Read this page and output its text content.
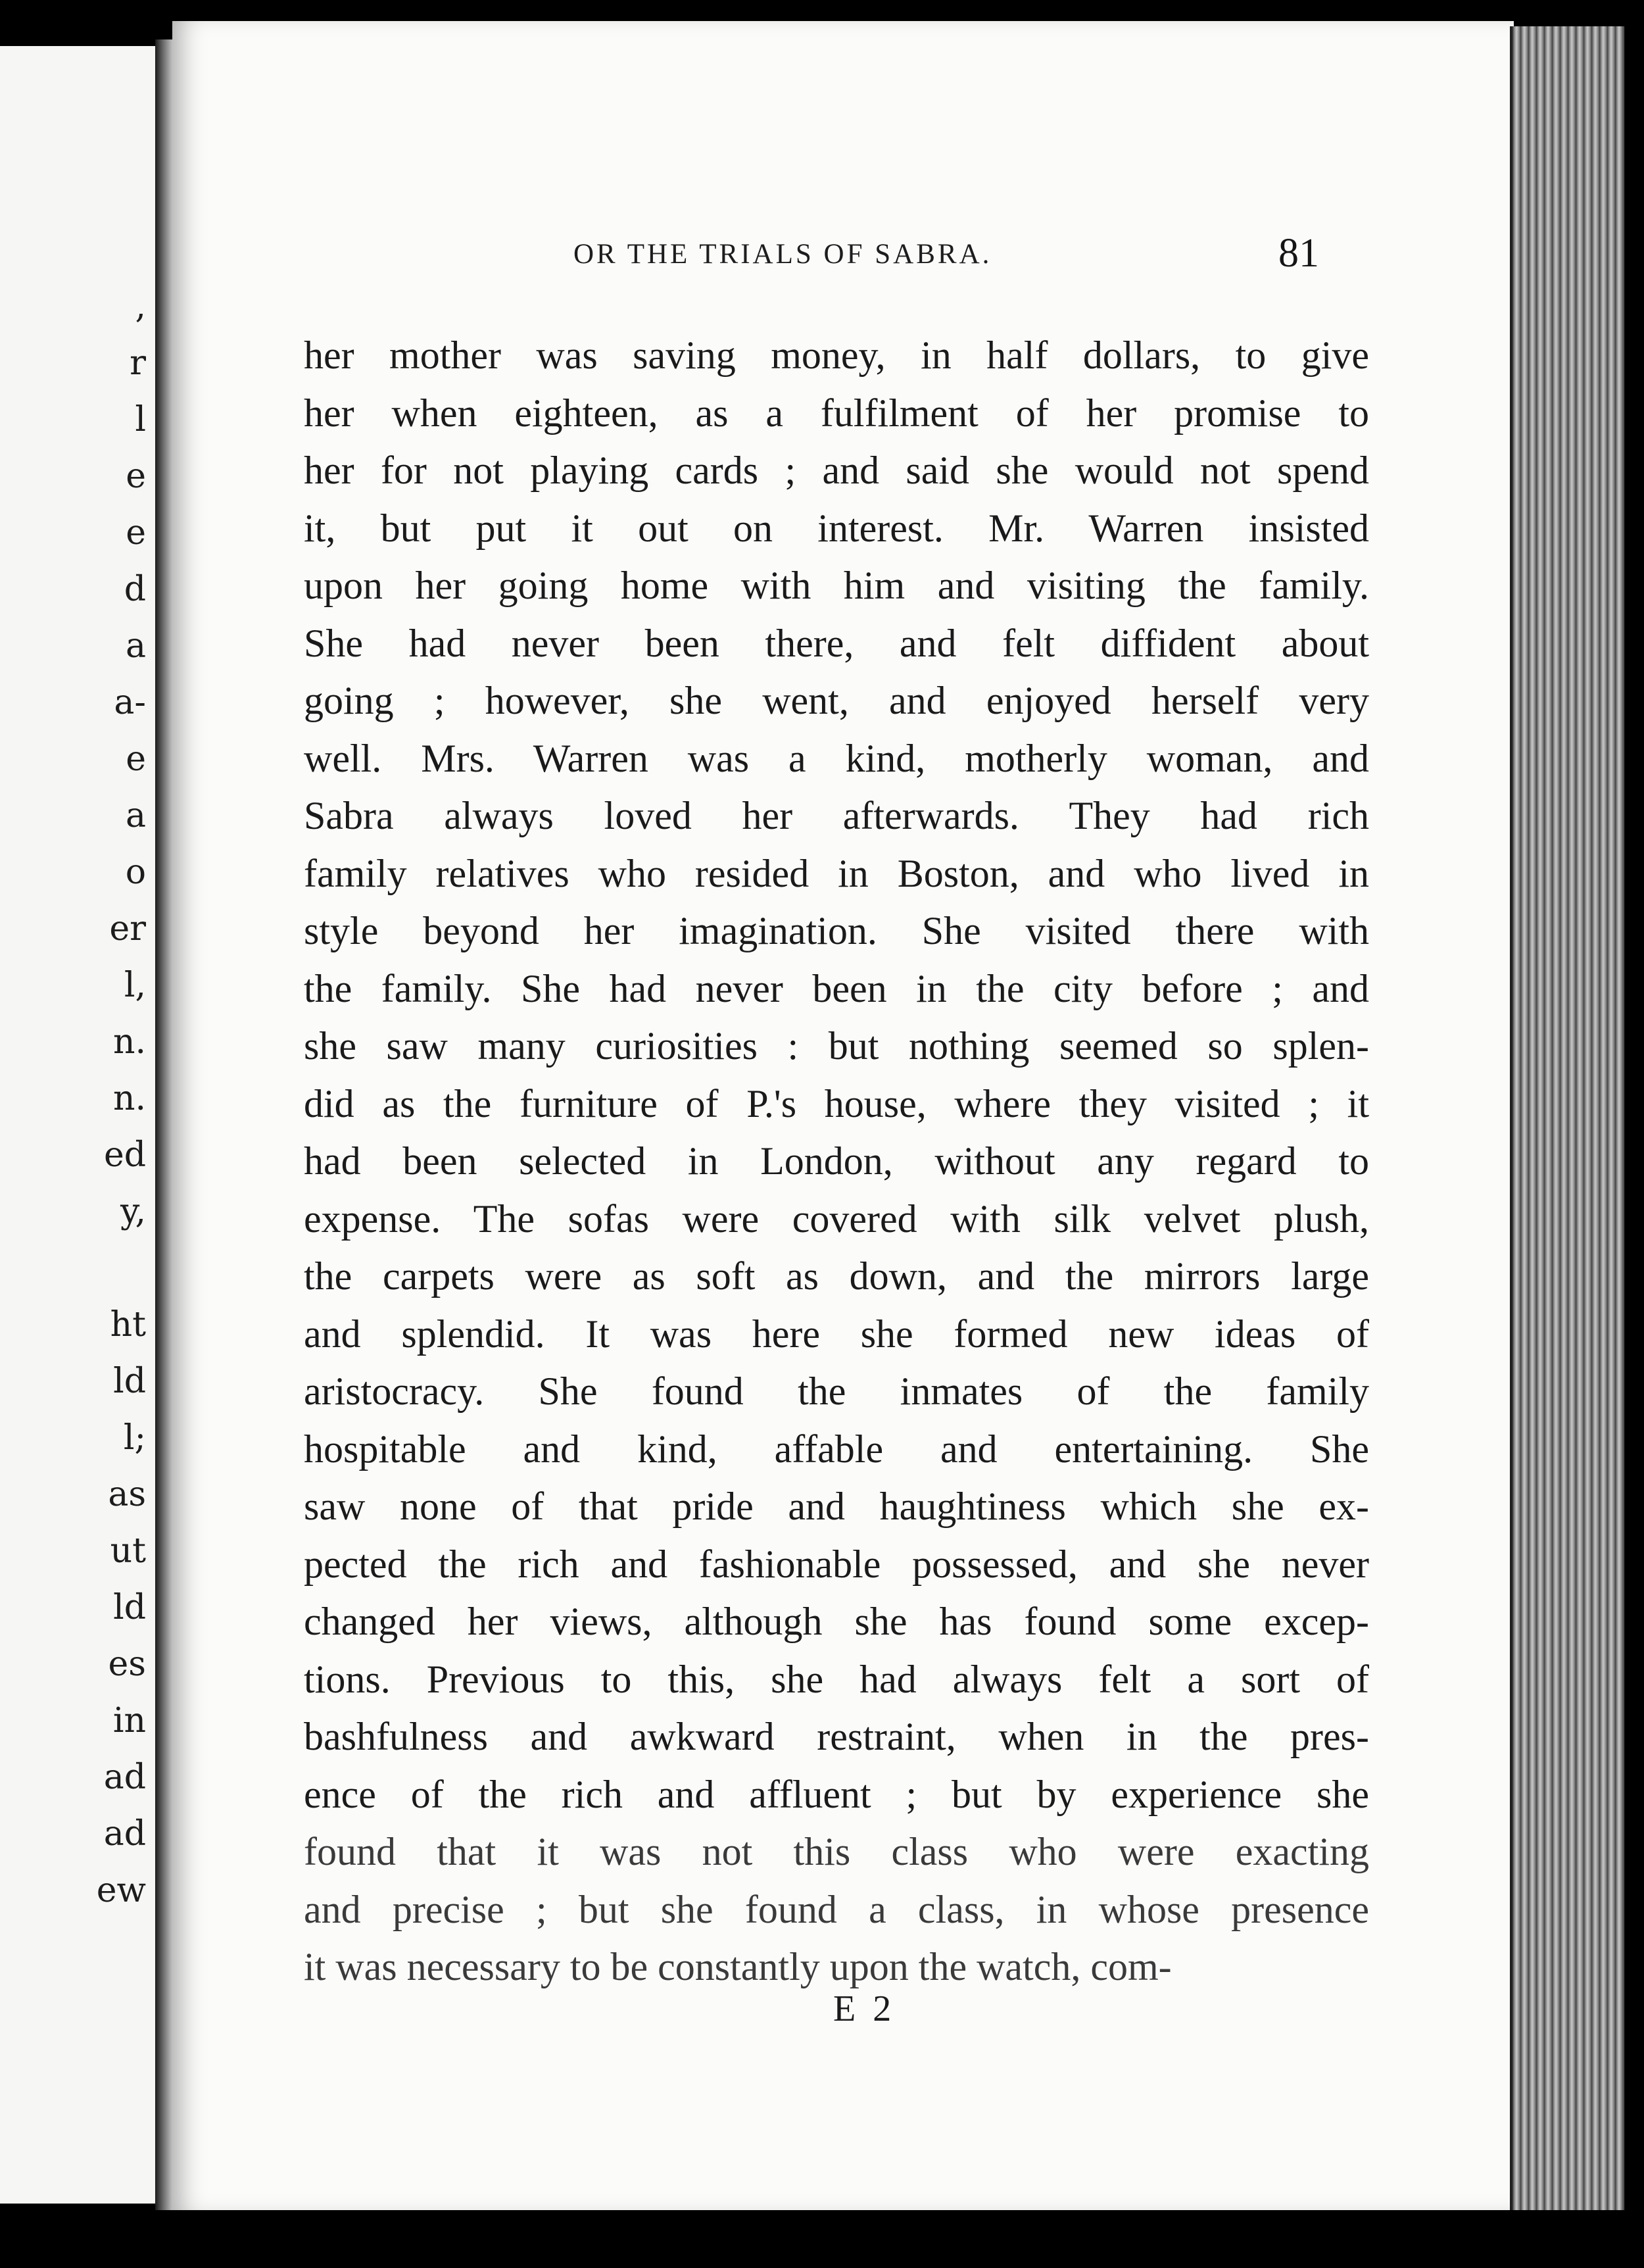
,
r
l
e
e
d
a
a-
e
a
o
er
l,
n.
n.
ed
y,
ht
ld
l;
as
ut
ld
es
in
ad
ad
ew
OR THE TRIALS OF SABRA.	81
her mother was saving money, in half dollars, to give
her when eighteen, as a fulfilment of her promise to
her for not playing cards ; and said she would not spend
it, but put it out on interest. Mr. Warren insisted
upon her going home with him and visiting the family.
She had never been there, and felt diffident about
going ; however, she went, and enjoyed herself very
well. Mrs. Warren was a kind, motherly woman, and
Sabra always loved her afterwards. They had rich
family relatives who resided in Boston, and who lived in
style beyond her imagination. She visited there with
the family. She had never been in the city before ; and
she saw many curiosities : but nothing seemed so splen-
did as the furniture of P.'s house, where they visited ; it
had been selected in London, without any regard to
expense. The sofas were covered with silk velvet plush,
the carpets were as soft as down, and the mirrors large
and splendid. It was here she formed new ideas of
aristocracy. She found the inmates of the family
hospitable and kind, affable and entertaining. She
saw none of that pride and haughtiness which she ex-
pected the rich and fashionable possessed, and she never
changed her views, although she has found some excep-
tions. Previous to this, she had always felt a sort of
bashfulness and awkward restraint, when in the pres-
ence of the rich and affluent ; but by experience she
found that it was not this class who were exacting
and precise ; but she found a class, in whose presence
it was necessary to be constantly upon the watch, com-
E 2
